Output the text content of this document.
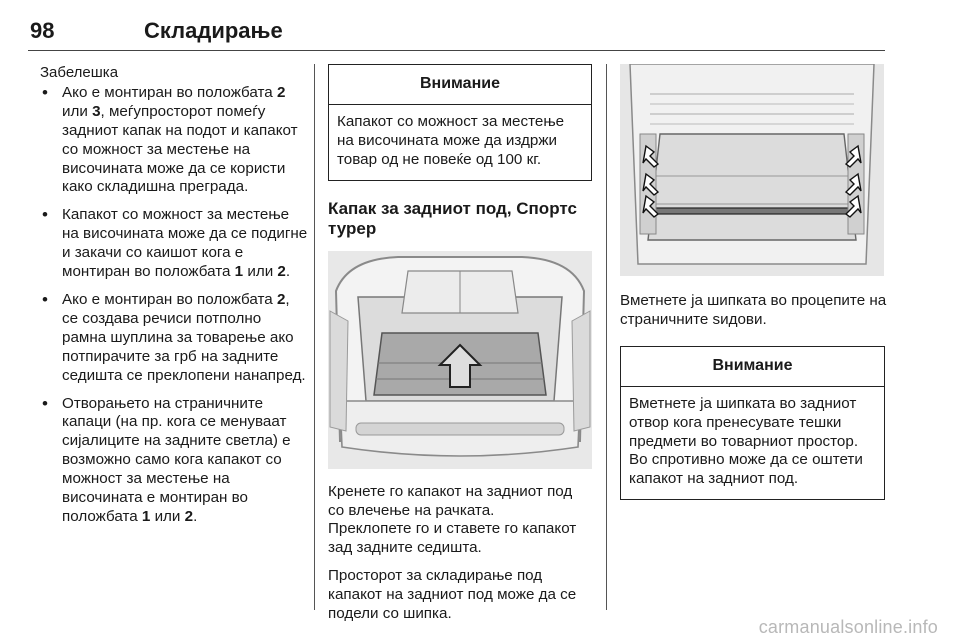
98	Складирање
Забелешка
• Ако е монтиран во положбата 2 или 3, меѓупросторот помеѓу задниот капак на подот и капакот со можност за местење на височината може да се користи како складишна преграда.
• Капакот со можност за местење на височината може да се подигне и закачи со каишот кога е монтиран во положбата 1 или 2.
• Ако е монтиран во положбата 2, се создава речиси потполно рамна шуплина за товарење ако потпирачите за грб на задните седишта се преклопени нанапред.
• Отворањето на страничните капаци (на пр. кога се менуваат сијалиците на задните светла) е возможно само кога капакот со можност за местење на височината е монтиран во положбата 1 или 2.
Внимание
Капакот со можност за местење на височината може да издржи товар од не повеќе од 100 кг.
Капак за задниот под, Спортс турер

Кренете го капакот на задниот под со влечење на рачката.

Преклопете го и ставете го капакот зад задните седишта.

Просторот за складирање под капакот на задниот под може да се подели со шипка.

Вметнете ја шипката во процепите на страничните ѕидови.

Внимание
Вметнете ја шипката во задниот отвор кога пренесувате тешки предмети во товарниот простор. Во спротивно може да се оштети капакот на задниот под.
carmanualsonline.info
